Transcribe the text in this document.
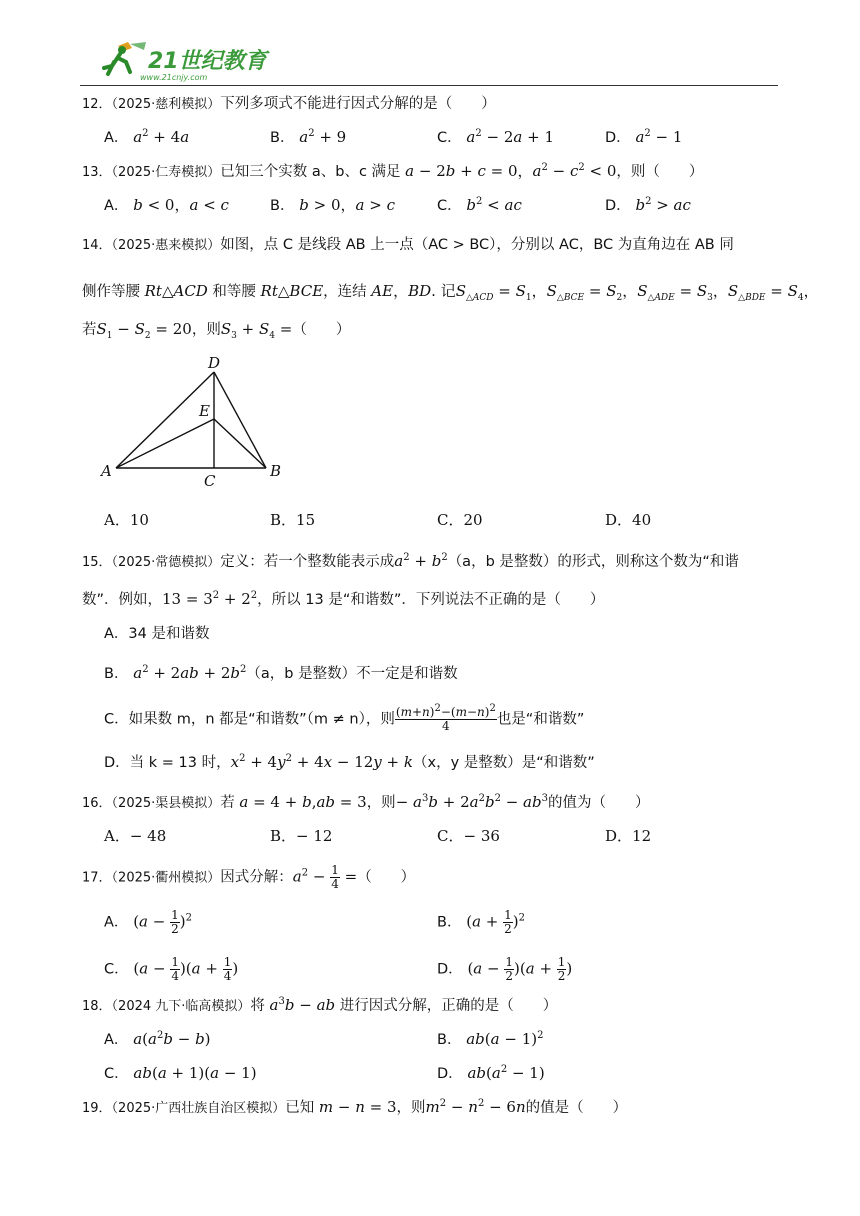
21世纪教育
www.21cnjy.com
12．（2025·慈利模拟）下列多项式不能进行因式分解的是（　　）
A． $a^2 + 4a$	B． $a^2 + 9$	C． $a^2 - 2a + 1$	D． $a^2 - 1$
13．（2025·仁寿模拟）已知三个实数 a、b、c 满足 a − 2b + c = 0，$a^2 - c^2 < 0$，则（　　）
A． b < 0，a < c	B． b > 0，a > c	C． $b^2$ < ac	D． $b^2$ > ac
14．（2025·惠来模拟）如图，点 C 是线段 AB 上一点（AC > BC），分别以 AC，BC 为直角边在 AB 同
侧作等腰 Rt△ACD 和等腰 Rt△BCE，连结 AE，BD. 记$S_{\triangle ACD} = S_1$，$S_{\triangle BCE} = S_2$，$S_{\triangle ADE} = S_3$，$S_{\triangle BDE} = S_4$，
若$S_1 - S_2 = 20$，则$S_3 + S_4$ =（　　）
D
E
A
C
B
A．10	B．15	C．20	D．40
15．（2025·常德模拟）定义：若一个整数能表示成$a^2 + b^2(a$，b 是整数）的形式，则称这个数为“和谐
数”．例如，$13 = 3^2 + 2^2$，所以 13 是“和谐数”．下列说法不正确的是（　　）
A．34 是和谐数
B． $a^2 + 2ab + 2b^2(a$，b 是整数）不一定是和谐数
C．如果数 m，n 都是“和谐数”（m ≠ n），则 $\frac{(m+n)^2-(m-n)^2}{4}$ 也是“和谐数”
D．当 k = 13 时，$x^2 + 4y^2 + 4x - 12y + k(x$，y 是整数）是“和谐数”
16．（2025·渠县模拟）若 a = 4 + b,ab = 3，则− $a^3b + 2a^2b^2 - ab^3$的值为（　　）
A．− 48	B．− 12	C．− 36	D．12
17．（2025·衢州模拟）因式分解：$a^2 - \frac{1}{4}$ =（　　）
A． $(a - \frac{1}{2} )^2$	B． $(a + \frac{1}{2} )^2$
C． $(a - \frac{1}{4} )(a + \frac{1}{4}$ )	D． $(a - \frac{1}{2} )(a + \frac{1}{2}$ )
18．（2024 九下·临高模拟）将 $a^3b$ − ab 进行因式分解，正确的是（　　）
A． $a(a^2b - b)$	B． $ab(a - 1)^2$
C． ab(a + 1)(a − 1)	D． $ab(a^2 - 1)$
19．（2025·广西壮族自治区模拟）已知 m − n = 3，则$m^2 - n^2 - 6n$的值是（　　）
